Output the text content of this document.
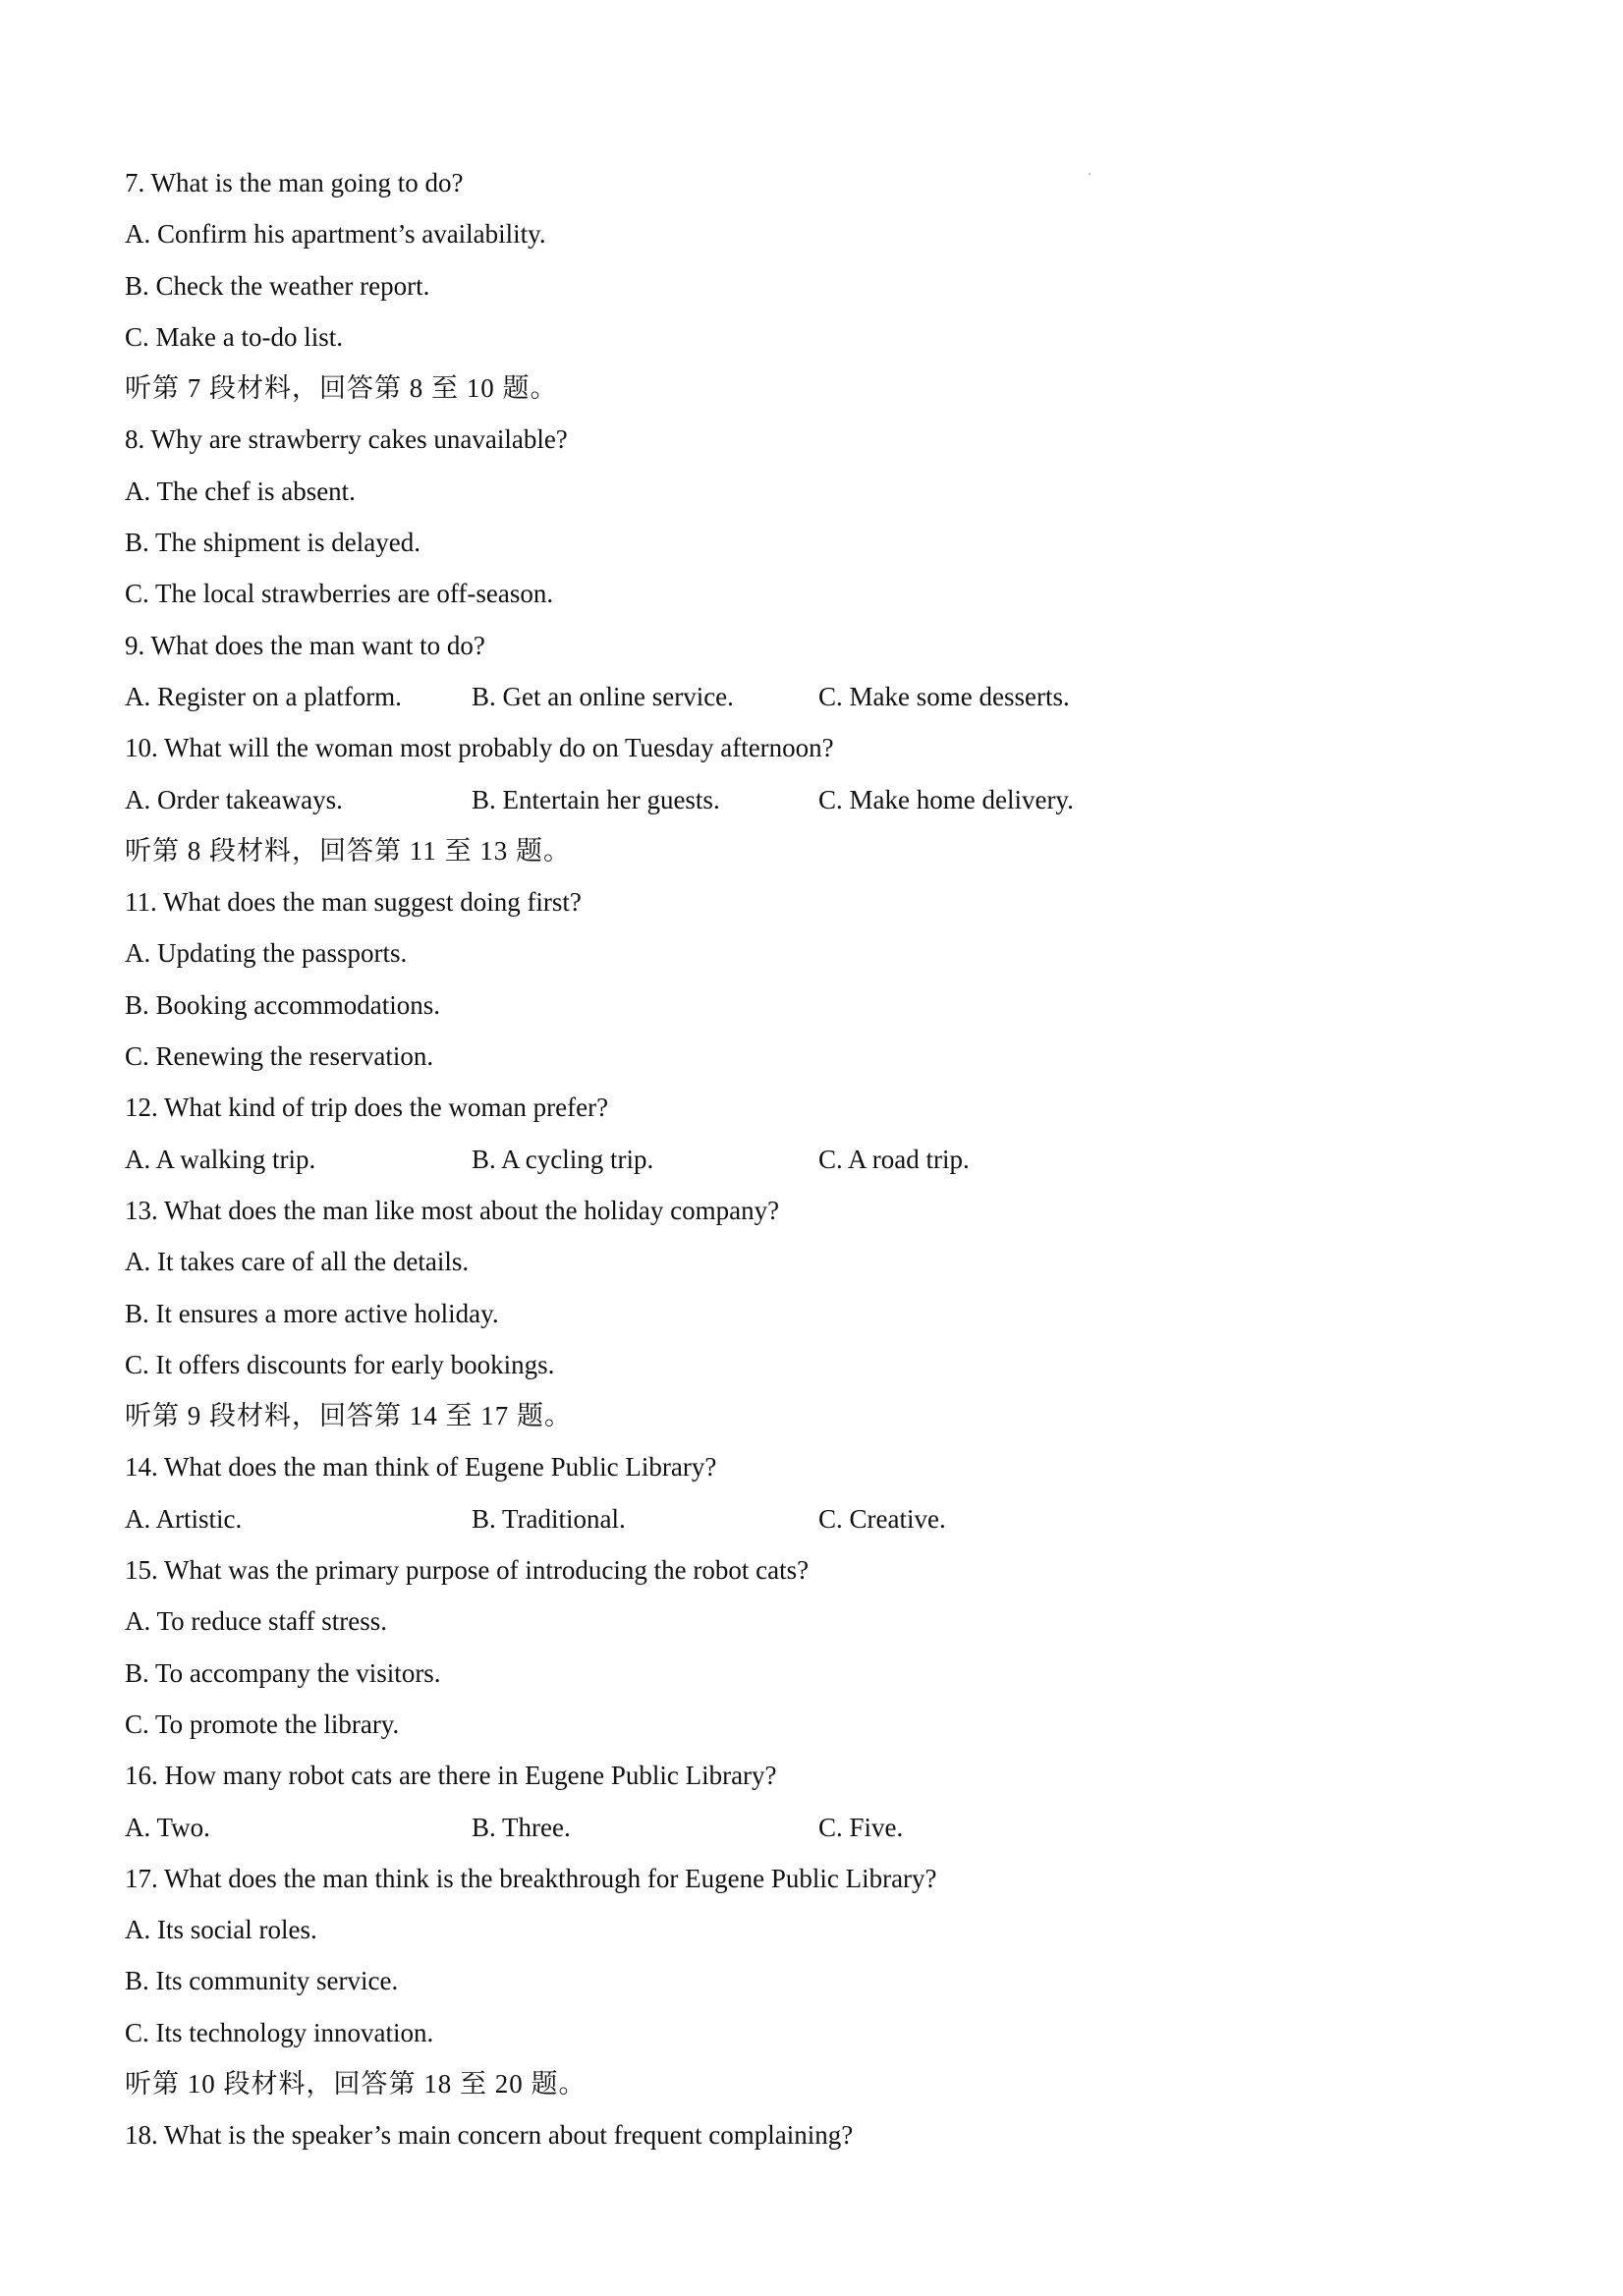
7. What is the man going to do?
A. Confirm his apartment’s availability.
B. Check the weather report.
C. Make a to-do list.
听第 7 段材料，回答第 8 至 10 题。
8. Why are strawberry cakes unavailable?
A. The chef is absent.
B. The shipment is delayed.
C. The local strawberries are off-season.
9. What does the man want to do?
A. Register on a platform.	B. Get an online service.	C. Make some desserts.
10. What will the woman most probably do on Tuesday afternoon?
A. Order takeaways.	B. Entertain her guests.	C. Make home delivery.
听第 8 段材料，回答第 11 至 13 题。
11. What does the man suggest doing first?
A. Updating the passports.
B. Booking accommodations.
C. Renewing the reservation.
12. What kind of trip does the woman prefer?
A. A walking trip.	B. A cycling trip.	C. A road trip.
13. What does the man like most about the holiday company?
A. It takes care of all the details.
B. It ensures a more active holiday.
C. It offers discounts for early bookings.
听第 9 段材料，回答第 14 至 17 题。
14. What does the man think of Eugene Public Library?
A. Artistic.	B. Traditional.	C. Creative.
15. What was the primary purpose of introducing the robot cats?
A. To reduce staff stress.
B. To accompany the visitors.
C. To promote the library.
16. How many robot cats are there in Eugene Public Library?
A. Two.	B. Three.	C. Five.
17. What does the man think is the breakthrough for Eugene Public Library?
A. Its social roles.
B. Its community service.
C. Its technology innovation.
听第 10 段材料，回答第 18 至 20 题。
18. What is the speaker’s main concern about frequent complaining?
